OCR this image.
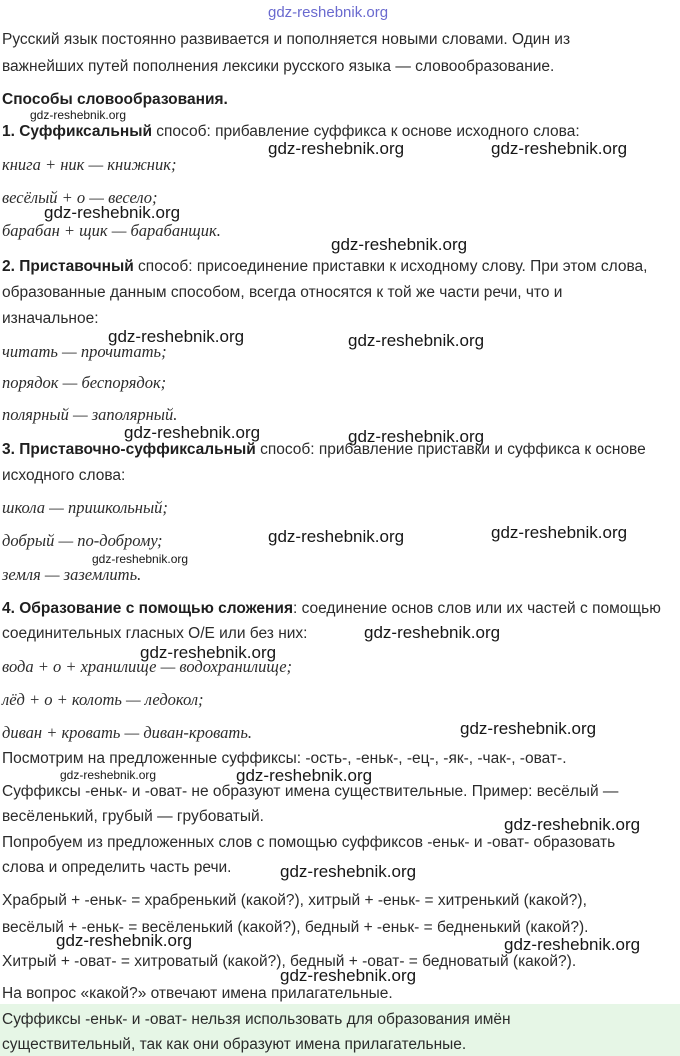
gdz-reshebnik.org
Русский язык постоянно развивается и пополняется новыми словами. Один из
важнейших путей пополнения лексики русского языка — словообразование.
Способы словообразования.
gdz-reshebnik.org
1. Суффиксальный способ: прибавление суффикса к основе исходного слова:
книга + ник — книжник;
gdz-reshebnik.org	gdz-reshebnik.org
весёлый + о — весело;
gdz-reshebnik.org
барабан + щик — барабанщик.
gdz-reshebnik.org
2. Приставочный способ: присоединение приставки к исходному слову. При этом слова,
образованные данным способом, всегда относятся к той же части речи, что и
изначальное:
gdz-reshebnik.org	gdz-reshebnik.org
читать — прочитать;
порядок — беспорядок;
полярный — заполярный.
gdz-reshebnik.org	gdz-reshebnik.org
3. Приставочно-суффиксальный способ: прибавление приставки и суффикса к основе
исходного слова:
школа — пришкольный;
добрый — по-доброму;	gdz-reshebnik.org	gdz-reshebnik.org
gdz-reshebnik.org
земля — заземлить.
4. Образование с помощью сложения: соединение основ слов или их частей с помощью
соединительных гласных О/Е или без них:	gdz-reshebnik.org
gdz-reshebnik.org
вода + о + хранилище — водохранилище;
лёд + о + колоть — ледокол;
gdz-reshebnik.org
диван + кровать — диван-кровать.
Посмотрим на предложенные суффиксы: -ость-, -еньк-, -ец-, -як-, -чак-, -оват-.
gdz-reshebnik.org	gdz-reshebnik.org
Суффиксы -еньк- и -оват- не образуют имена существительные. Пример: весёлый —
весёленький, грубый — грубоватый.	gdz-reshebnik.org
Попробуем из предложенных слов с помощью суффиксов -еньк- и -оват- образовать
слова и определить часть речи.	gdz-reshebnik.org
Храбрый + -еньк- = храбренький (какой?), хитрый + -еньк- = хитренький (какой?),
весёлый + -еньк- = весёленький (какой?), бедный + -еньк- = бедненький (какой?).
gdz-reshebnik.org	gdz-reshebnik.org
Хитрый + -оват- = хитроватый (какой?), бедный + -оват- = бедноватый (какой?).
gdz-reshebnik.org
На вопрос «какой?» отвечают имена прилагательные.
Суффиксы -еньк- и -оват- нельзя использовать для образования имён
существительный, так как они образуют имена прилагательные.
